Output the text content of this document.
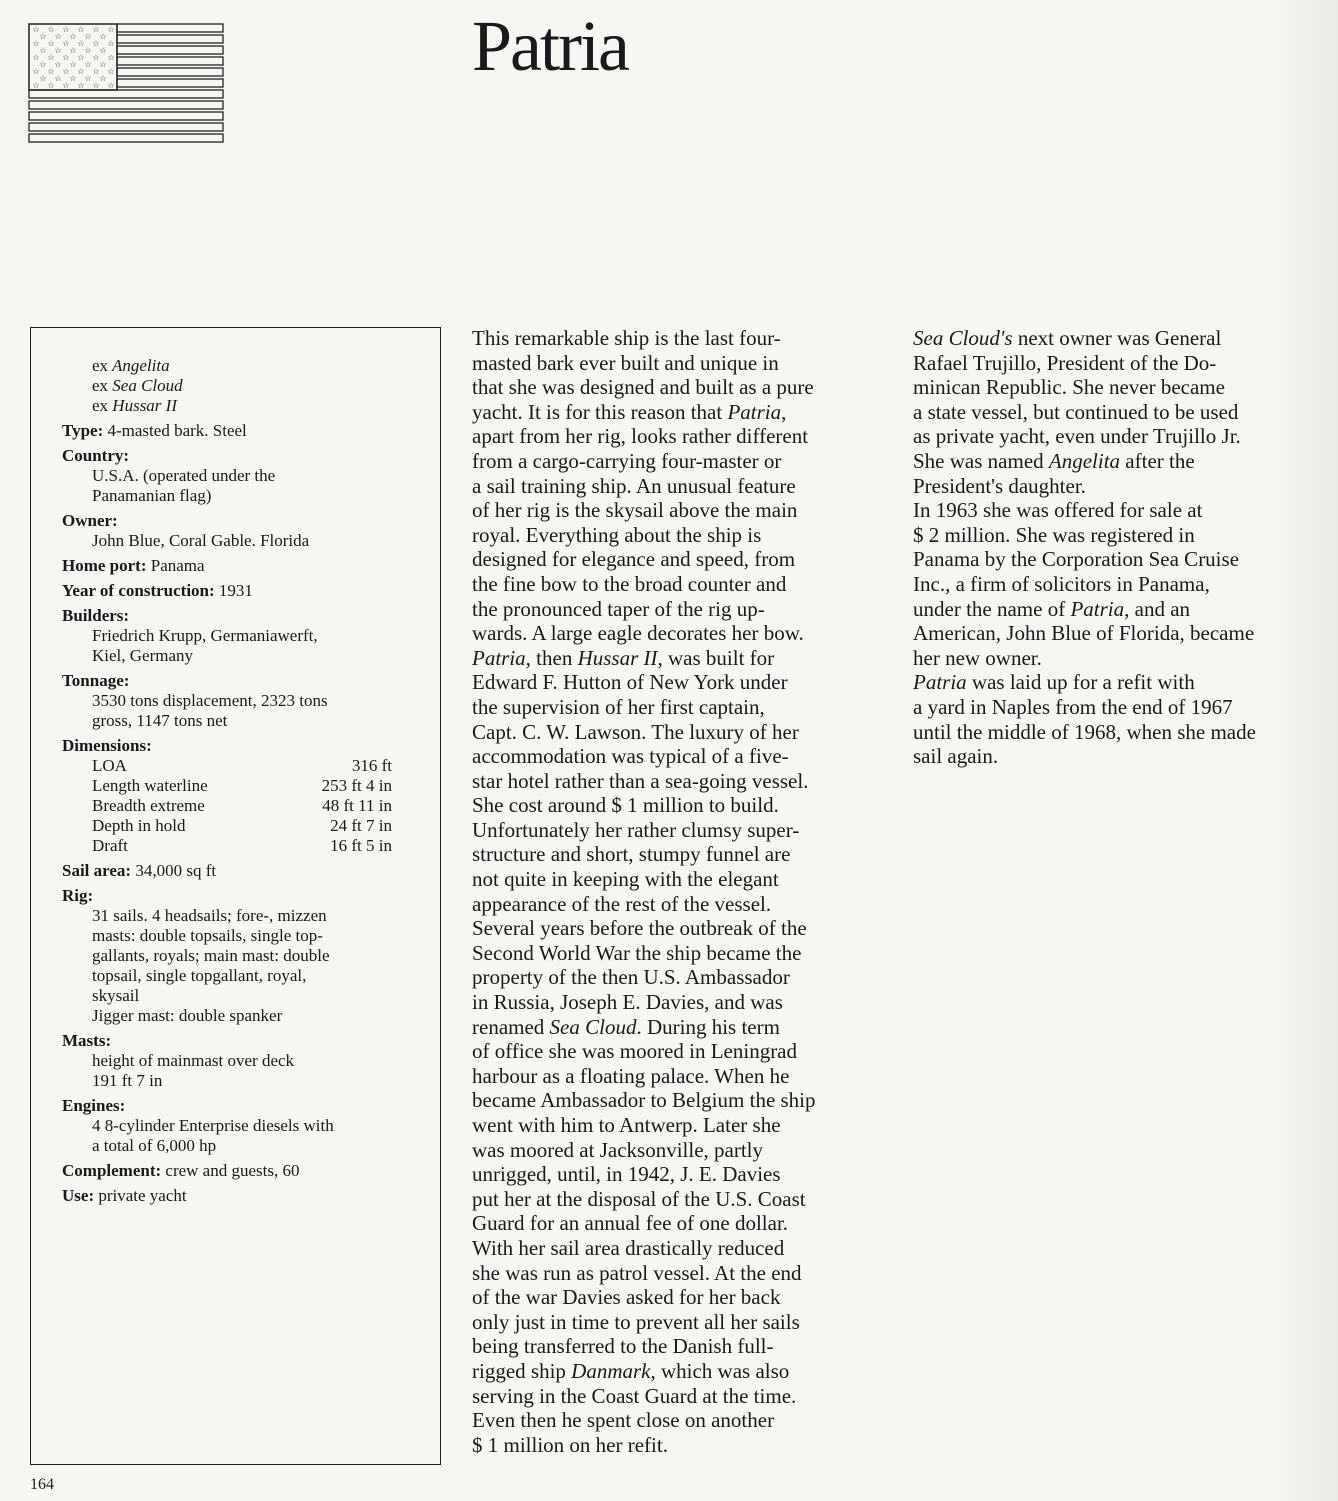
☆ ☆ ☆ ☆ ☆ ☆
☆ ☆ ☆ ☆ ☆
☆ ☆ ☆ ☆ ☆ ☆
☆ ☆ ☆ ☆ ☆
☆ ☆ ☆ ☆ ☆ ☆
☆ ☆ ☆ ☆ ☆
☆ ☆ ☆ ☆ ☆ ☆
☆ ☆ ☆ ☆ ☆
☆ ☆ ☆ ☆ ☆ ☆	Patria
ex Angelita
ex Sea Cloud
ex Hussar II
Type: 4-masted bark. Steel
Country:
U.S.A. (operated under the
Panamanian flag)
Owner:
John Blue, Coral Gable. Florida
Home port: Panama
Year of construction: 1931
Builders:
Friedrich Krupp, Germaniawerft,
Kiel, Germany
Tonnage:
3530 tons displacement, 2323 tons
gross, 1147 tons net
Dimensions:
LOA	316 ft
Length waterline	253 ft 4 in
Breadth extreme	48 ft 11 in
Depth in hold	24 ft 7 in
Draft	16 ft 5 in
Sail area: 34,000 sq ft
Rig:
31 sails. 4 headsails; fore-, mizzen
masts: double topsails, single top-
gallants, royals; main mast: double
topsail, single topgallant, royal,
skysail
Jigger mast: double spanker
Masts:
height of mainmast over deck
191 ft 7 in
Engines:
4 8-cylinder Enterprise diesels with
a total of 6,000 hp
Complement: crew and guests, 60
Use: private yacht

This remarkable ship is the last four-

masted bark ever built and unique in

that she was designed and built as a pure

yacht. It is for this reason that Patria,

apart from her rig, looks rather different

from a cargo-carrying four-master or

a sail training ship. An unusual feature

of her rig is the skysail above the main

royal. Everything about the ship is

designed for elegance and speed, from

the fine bow to the broad counter and

the pronounced taper of the rig up-

wards. A large eagle decorates her bow.

Patria, then Hussar II, was built for

Edward F. Hutton of New York under

the supervision of her first captain,

Capt. C. W. Lawson. The luxury of her

accommodation was typical of a five-

star hotel rather than a sea-going vessel.

She cost around $ 1 million to build.

Unfortunately her rather clumsy super-

structure and short, stumpy funnel are

not quite in keeping with the elegant

appearance of the rest of the vessel.

Several years before the outbreak of the

Second World War the ship became the

property of the then U.S. Ambassador

in Russia, Joseph E. Davies, and was

renamed Sea Cloud. During his term

of office she was moored in Leningrad

harbour as a floating palace. When he

became Ambassador to Belgium the ship

went with him to Antwerp. Later she

was moored at Jacksonville, partly

unrigged, until, in 1942, J. E. Davies

put her at the disposal of the U.S. Coast

Guard for an annual fee of one dollar.

With her sail area drastically reduced

she was run as patrol vessel. At the end

of the war Davies asked for her back

only just in time to prevent all her sails

being transferred to the Danish full-

rigged ship Danmark, which was also

serving in the Coast Guard at the time.

Even then he spent close on another

$ 1 million on her refit.

Sea Cloud's next owner was General

Rafael Trujillo, President of the Do-

minican Republic. She never became

a state vessel, but continued to be used

as private yacht, even under Trujillo Jr.

She was named Angelita after the

President's daughter.

In 1963 she was offered for sale at

$ 2 million. She was registered in

Panama by the Corporation Sea Cruise

Inc., a firm of solicitors in Panama,

under the name of Patria, and an

American, John Blue of Florida, became

her new owner.

Patria was laid up for a refit with

a yard in Naples from the end of 1967

until the middle of 1968, when she made

sail again.

164
